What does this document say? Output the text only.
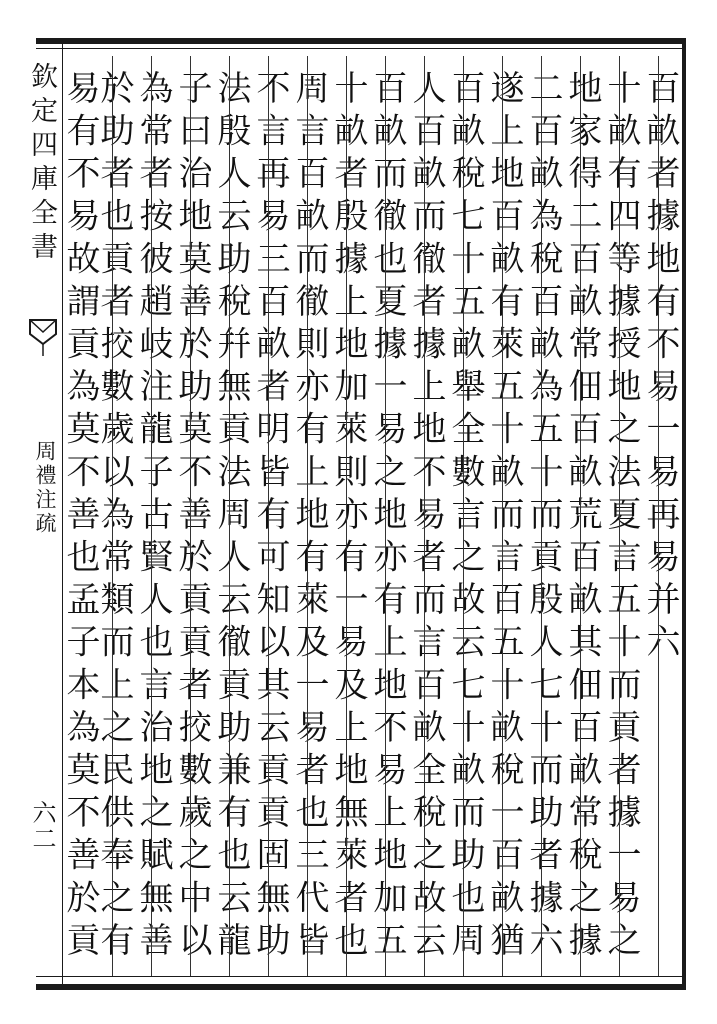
欽定四庫全書
周禮注疏
六二
百畝者據地有不易一易再易并六
十畝有四等據授地之法夏言五十而貢者據一易之
地家得二百畝常佃百畝荒百畝其佃百畝常稅之據
二百畝為稅百畝為五十而貢殷人七十而助者據六
遂上地百畝有萊五十畝而言百五十畝稅一百畝猶
百畝稅七十五畝舉全數言之故云七十畝而助也周
人百畝而徹者據上地不易者而言百畝全稅之故云
百畝而徹也夏據一易之地亦有上地不易上地加五
十畝者殷據上地加萊則亦有一易及上地無萊者也
周言百畝而徹則亦有上地有萊及一易者也三代皆
不言再易三百畝者明皆有可知以其云貢貢固無助
法殷人云助稅幷無貢法周人云徹貢助兼有也云龍
子曰治地莫善於助莫不善於貢貢者挍數歲之中以
為常者按彼趙岐注龍子古賢人也言治地之賦無善
於助者也貢者挍數歲以為常類而上之民供奉之有
易有不易故謂貢為莫不善也孟子本為莫不善於貢
